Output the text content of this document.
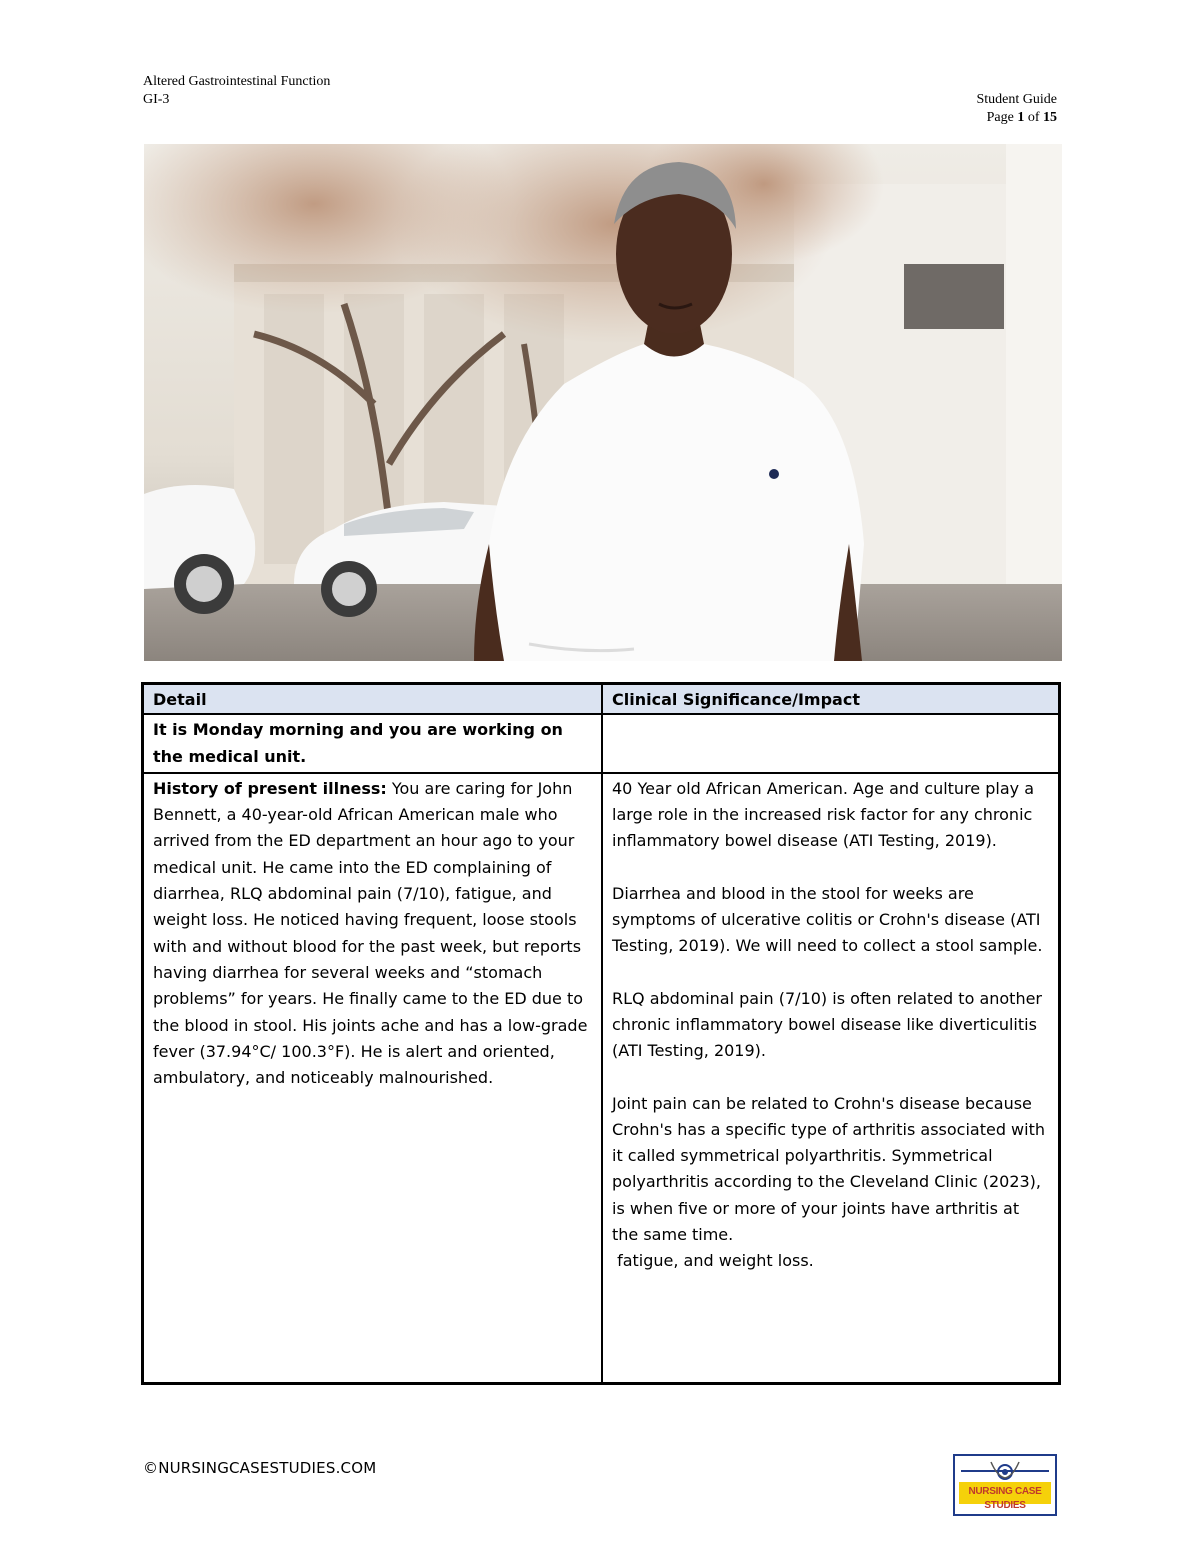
Altered Gastrointestinal Function
GI-3	Student Guide
Page 1 of 15
Detail	Clinical Significance/Impact
It is Monday morning and you are working on the medical unit.
History of present illness: You are caring for John Bennett, a 40-year-old African American male who arrived from the ED department an hour ago to your medical unit. He came into the ED complaining of diarrhea, RLQ abdominal pain (7/10), fatigue, and weight loss. He noticed having frequent, loose stools with and without blood for the past week, but reports having diarrhea for several weeks and “stomach problems” for years. He finally came to the ED due to the blood in stool. His joints ache and has a low-grade fever (37.94°C/ 100.3°F). He is alert and oriented, ambulatory, and noticeably malnourished.

40 Year old African American. Age and culture play a large role in the increased risk factor for any chronic inflammatory bowel disease (ATI Testing, 2019).

Diarrhea and blood in the stool for weeks are symptoms of ulcerative colitis or Crohn's disease (ATI Testing, 2019). We will need to collect a stool sample.

RLQ abdominal pain (7/10) is often related to another chronic inflammatory bowel disease like diverticulitis (ATI Testing, 2019).

Joint pain can be related to Crohn's disease because Crohn's has a specific type of arthritis associated with it called symmetrical polyarthritis. Symmetrical polyarthritis according to the Cleveland Clinic (2023), is when five or more of your joints have arthritis at the same time.

fatigue, and weight loss.

©NURSINGCASESTUDIES.COM
NURSING CASE STUDIES
